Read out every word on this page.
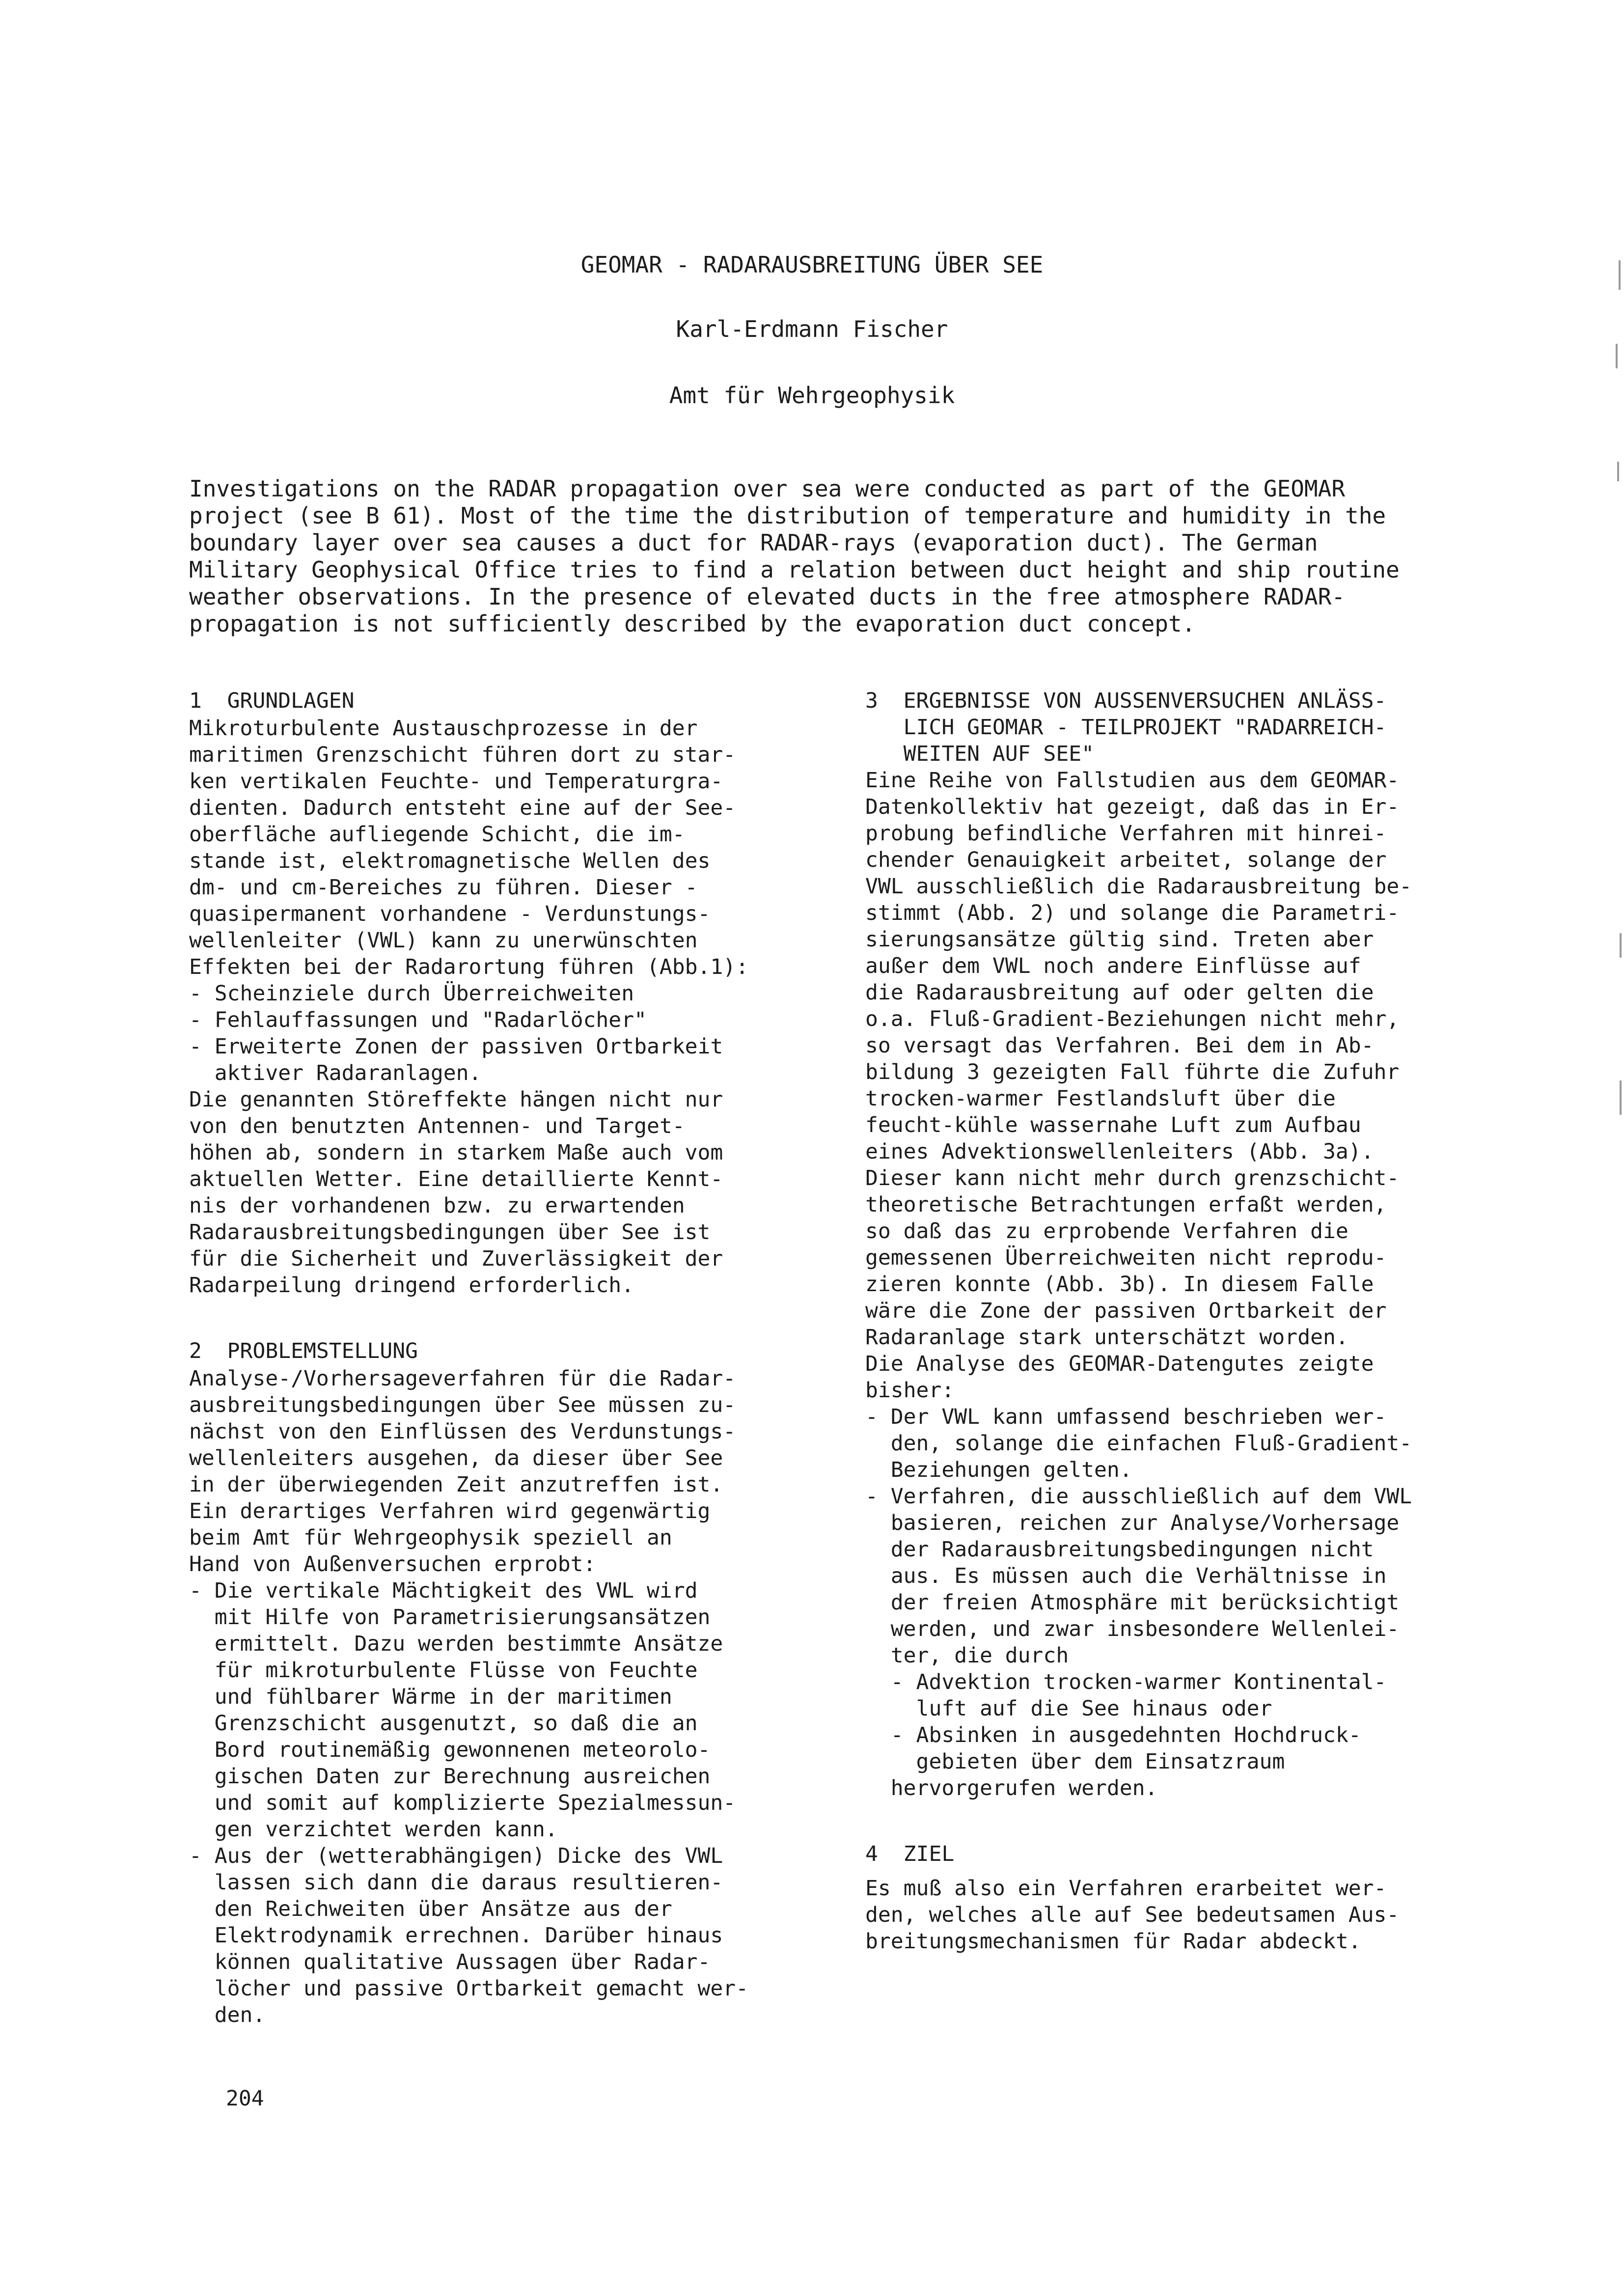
GEOMAR - RADARAUSBREITUNG ÜBER SEE
Karl-Erdmann Fischer
Amt für Wehrgeophysik
Investigations on the RADAR propagation over sea were conducted as part of the GEOMAR
project (see B 61). Most of the time the distribution of temperature and humidity in the
boundary layer over sea causes a duct for RADAR-rays (evaporation duct). The German
Military Geophysical Office tries to find a relation between duct height and ship routine
weather observations. In the presence of elevated ducts in the free atmosphere RADAR-
propagation is not sufficiently described by the evaporation duct concept.
1  GRUNDLAGEN
Mikroturbulente Austauschprozesse in der
maritimen Grenzschicht führen dort zu star-
ken vertikalen Feuchte- und Temperaturgra-
dienten. Dadurch entsteht eine auf der See-
oberfläche aufliegende Schicht, die im-
stande ist, elektromagnetische Wellen des
dm- und cm-Bereiches zu führen. Dieser -
quasipermanent vorhandene - Verdunstungs-
wellenleiter (VWL) kann zu unerwünschten
Effekten bei der Radarortung führen (Abb.1):
- Scheinziele durch Überreichweiten
- Fehlauffassungen und "Radarlöcher"
- Erweiterte Zonen der passiven Ortbarkeit
aktiver Radaranlagen.
Die genannten Störeffekte hängen nicht nur
von den benutzten Antennen- und Target-
höhen ab, sondern in starkem Maße auch vom
aktuellen Wetter. Eine detaillierte Kennt-
nis der vorhandenen bzw. zu erwartenden
Radarausbreitungsbedingungen über See ist
für die Sicherheit und Zuverlässigkeit der
Radarpeilung dringend erforderlich.
2  PROBLEMSTELLUNG
Analyse-/Vorhersageverfahren für die Radar-
ausbreitungsbedingungen über See müssen zu-
nächst von den Einflüssen des Verdunstungs-
wellenleiters ausgehen, da dieser über See
in der überwiegenden Zeit anzutreffen ist.
Ein derartiges Verfahren wird gegenwärtig
beim Amt für Wehrgeophysik speziell an
Hand von Außenversuchen erprobt:
- Die vertikale Mächtigkeit des VWL wird
mit Hilfe von Parametrisierungsansätzen
ermittelt. Dazu werden bestimmte Ansätze
für mikroturbulente Flüsse von Feuchte
und fühlbarer Wärme in der maritimen
Grenzschicht ausgenutzt, so daß die an
Bord routinemäßig gewonnenen meteorolo-
gischen Daten zur Berechnung ausreichen
und somit auf komplizierte Spezialmessun-
gen verzichtet werden kann.
- Aus der (wetterabhängigen) Dicke des VWL
lassen sich dann die daraus resultieren-
den Reichweiten über Ansätze aus der
Elektrodynamik errechnen. Darüber hinaus
können qualitative Aussagen über Radar-
löcher und passive Ortbarkeit gemacht wer-
den.
3  ERGEBNISSE VON AUSSENVERSUCHEN ANLÄSS-
LICH GEOMAR - TEILPROJEKT "RADARREICH-
WEITEN AUF SEE"
Eine Reihe von Fallstudien aus dem GEOMAR-
Datenkollektiv hat gezeigt, daß das in Er-
probung befindliche Verfahren mit hinrei-
chender Genauigkeit arbeitet, solange der
VWL ausschließlich die Radarausbreitung be-
stimmt (Abb. 2) und solange die Parametri-
sierungsansätze gültig sind. Treten aber
außer dem VWL noch andere Einflüsse auf
die Radarausbreitung auf oder gelten die
o.a. Fluß-Gradient-Beziehungen nicht mehr,
so versagt das Verfahren. Bei dem in Ab-
bildung 3 gezeigten Fall führte die Zufuhr
trocken-warmer Festlandsluft über die
feucht-kühle wassernahe Luft zum Aufbau
eines Advektionswellenleiters (Abb. 3a).
Dieser kann nicht mehr durch grenzschicht-
theoretische Betrachtungen erfaßt werden,
so daß das zu erprobende Verfahren die
gemessenen Überreichweiten nicht reprodu-
zieren konnte (Abb. 3b). In diesem Falle
wäre die Zone der passiven Ortbarkeit der
Radaranlage stark unterschätzt worden.
Die Analyse des GEOMAR-Datengutes zeigte
bisher:
- Der VWL kann umfassend beschrieben wer-
den, solange die einfachen Fluß-Gradient-
Beziehungen gelten.
- Verfahren, die ausschließlich auf dem VWL
basieren, reichen zur Analyse/Vorhersage
der Radarausbreitungsbedingungen nicht
aus. Es müssen auch die Verhältnisse in
der freien Atmosphäre mit berücksichtigt
werden, und zwar insbesondere Wellenlei-
ter, die durch
- Advektion trocken-warmer Kontinental-
luft auf die See hinaus oder
- Absinken in ausgedehnten Hochdruck-
gebieten über dem Einsatzraum
hervorgerufen werden.
4  ZIEL
Es muß also ein Verfahren erarbeitet wer-
den, welches alle auf See bedeutsamen Aus-
breitungsmechanismen für Radar abdeckt.
204
